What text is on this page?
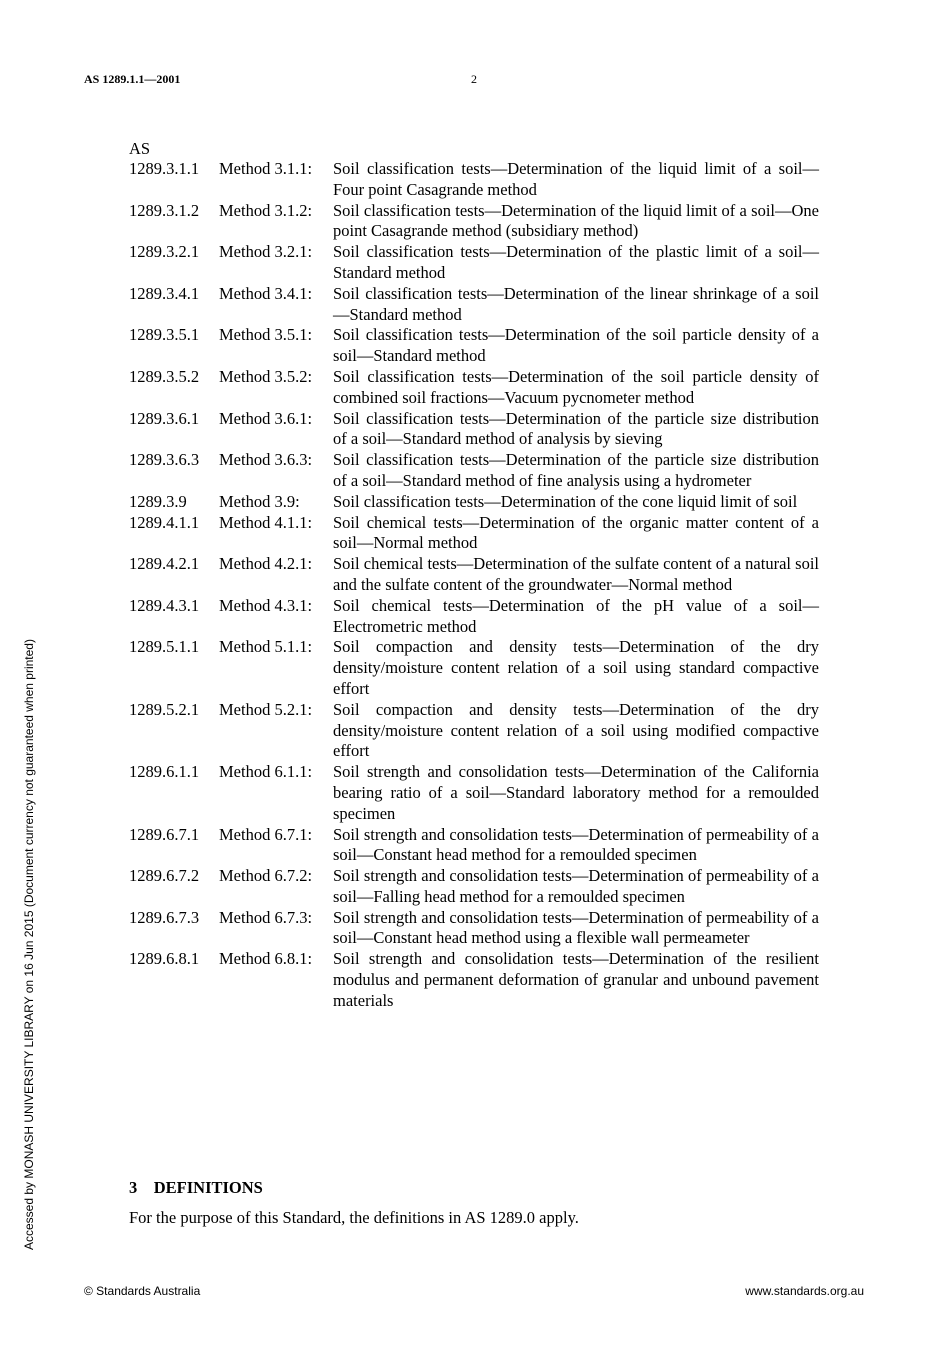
AS 1289.1.1—2001	2
AS
1289.3.1.1	Method 3.1.1:	Soil classification tests—Determination of the liquid limit of a soil—Four point Casagrande method
1289.3.1.2	Method 3.1.2:	Soil classification tests—Determination of the liquid limit of a soil—One point Casagrande method (subsidiary method)
1289.3.2.1	Method 3.2.1:	Soil classification tests—Determination of the plastic limit of a soil—Standard method
1289.3.4.1	Method 3.4.1:	Soil classification tests—Determination of the linear shrinkage of a soil—Standard method
1289.3.5.1	Method 3.5.1:	Soil classification tests—Determination of the soil particle density of a soil—Standard method
1289.3.5.2	Method 3.5.2:	Soil classification tests—Determination of the soil particle density of combined soil fractions—Vacuum pycnometer method
1289.3.6.1	Method 3.6.1:	Soil classification tests—Determination of the particle size distribution of a soil—Standard method of analysis by sieving
1289.3.6.3	Method 3.6.3:	Soil classification tests—Determination of the particle size distribution of a soil—Standard method of fine analysis using a hydrometer
1289.3.9	Method 3.9:	Soil classification tests—Determination of the cone liquid limit of soil
1289.4.1.1	Method 4.1.1:	Soil chemical tests—Determination of the organic matter content of a soil—Normal method
1289.4.2.1	Method 4.2.1:	Soil chemical tests—Determination of the sulfate content of a natural soil and the sulfate content of the groundwater—Normal method
1289.4.3.1	Method 4.3.1:	Soil chemical tests—Determination of the pH value of a soil—Electrometric method
1289.5.1.1	Method 5.1.1:	Soil compaction and density tests—Determination of the dry density/moisture content relation of a soil using standard compactive effort
1289.5.2.1	Method 5.2.1:	Soil compaction and density tests—Determination of the dry density/moisture content relation of a soil using modified compactive effort
1289.6.1.1	Method 6.1.1:	Soil strength and consolidation tests—Determination of the California bearing ratio of a soil—Standard laboratory method for a remoulded specimen
1289.6.7.1	Method 6.7.1:	Soil strength and consolidation tests—Determination of permeability of a soil—Constant head method for a remoulded specimen
1289.6.7.2	Method 6.7.2:	Soil strength and consolidation tests—Determination of permeability of a soil—Falling head method for a remoulded specimen
1289.6.7.3	Method 6.7.3:	Soil strength and consolidation tests—Determination of permeability of a soil—Constant head method using a flexible wall permeameter
1289.6.8.1	Method 6.8.1:	Soil strength and consolidation tests—Determination of the resilient modulus and permanent deformation of granular and unbound pavement materials
3 DEFINITIONS
For the purpose of this Standard, the definitions in AS 1289.0 apply.
Accessed by MONASH UNIVERSITY LIBRARY on 16 Jun 2015 (Document currency not guaranteed when printed)
© Standards Australia	www.standards.org.au
